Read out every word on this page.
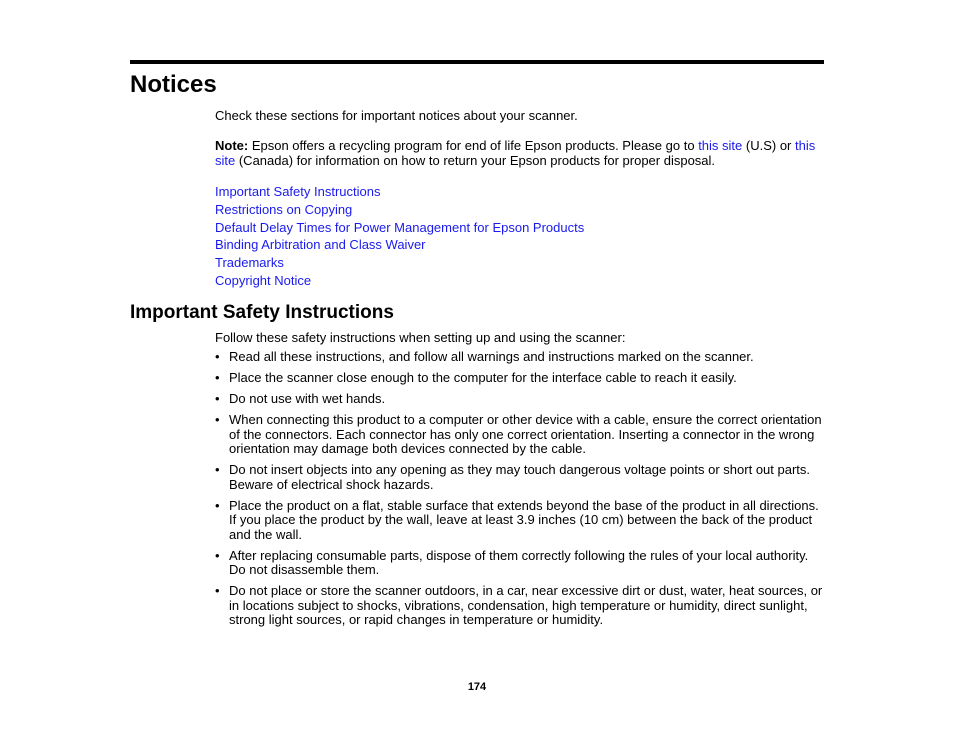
Notices

Check these sections for important notices about your scanner.

Note: Epson offers a recycling program for end of life Epson products. Please go to this site (U.S) or this site (Canada) for information on how to return your Epson products for proper disposal.

Important Safety Instructions
Restrictions on Copying
Default Delay Times for Power Management for Epson Products
Binding Arbitration and Class Waiver
Trademarks
Copyright Notice
Important Safety Instructions

Follow these safety instructions when setting up and using the scanner:

• Read all these instructions, and follow all warnings and instructions marked on the scanner.
• Place the scanner close enough to the computer for the interface cable to reach it easily.
• Do not use with wet hands.
• When connecting this product to a computer or other device with a cable, ensure the correct orientation of the connectors. Each connector has only one correct orientation. Inserting a connector in the wrong orientation may damage both devices connected by the cable.
• Do not insert objects into any opening as they may touch dangerous voltage points or short out parts. Beware of electrical shock hazards.
• Place the product on a flat, stable surface that extends beyond the base of the product in all directions. If you place the product by the wall, leave at least 3.9 inches (10 cm) between the back of the product and the wall.
• After replacing consumable parts, dispose of them correctly following the rules of your local authority. Do not disassemble them.
• Do not place or store the scanner outdoors, in a car, near excessive dirt or dust, water, heat sources, or in locations subject to shocks, vibrations, condensation, high temperature or humidity, direct sunlight, strong light sources, or rapid changes in temperature or humidity.
174
